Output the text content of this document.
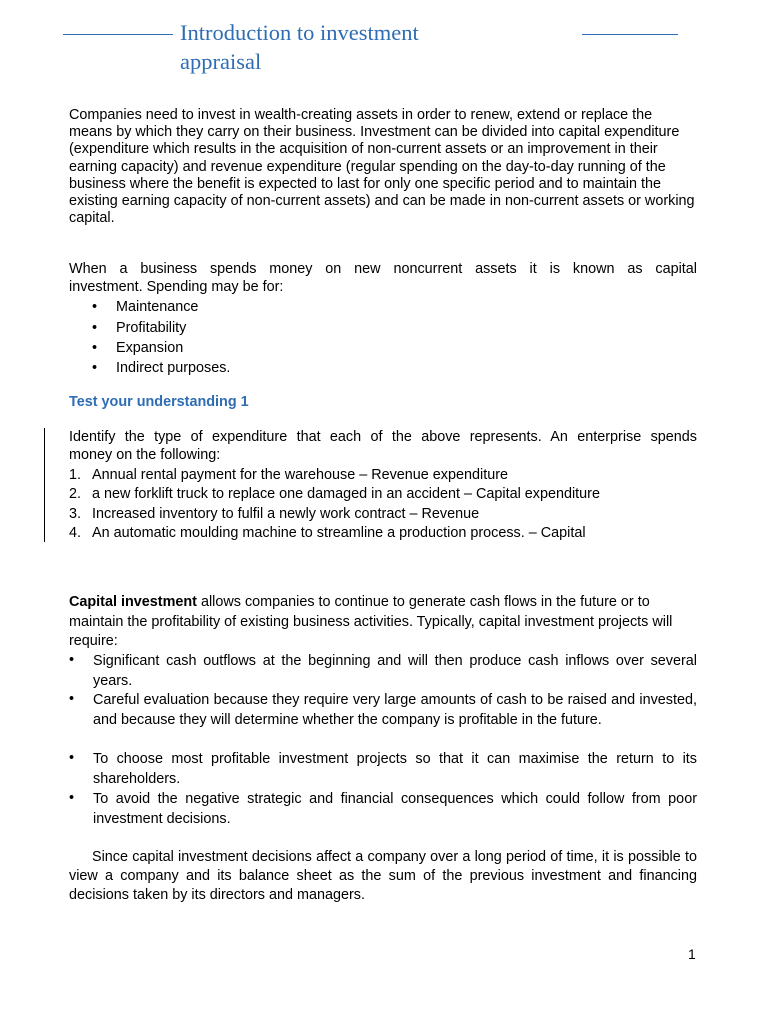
Introduction to investment
appraisal
Companies need to invest in wealth-creating assets in order to renew, extend or replace the means by which they carry on their business. Investment can be divided into capital expenditure (expenditure which results in the acquisition of non-current assets or an improvement in their earning capacity) and revenue expenditure (regular spending on the day-to-day running of the business where the benefit is expected to last for only one specific period and to maintain the existing earning capacity of non-current assets) and can be made in non-current assets or working capital.
When a business spends money on new noncurrent assets it is known as capital
investment. Spending may be for:
•	Maintenance
•	Profitability
•	Expansion
•	Indirect purposes.
Test your understanding 1
Identify the type of expenditure that each of the above represents. An enterprise spends
money on the following:
1. Annual rental payment for the warehouse – Revenue expenditure
2. a new forklift truck to replace one damaged in an accident – Capital expenditure
3. Increased inventory to fulfil a newly work contract – Revenue
4. An automatic moulding machine to streamline a production process. – Capital
Capital investment allows companies to continue to generate cash flows in the future or to maintain the profitability of existing business activities. Typically, capital investment projects will require:
•	Significant cash outflows at the beginning and will then produce cash inflows over several years.
•	Careful evaluation because they require very large amounts of cash to be raised and invested, and because they will determine whether the company is profitable in the future.
•	To choose most profitable investment projects so that it can maximise the return to its shareholders.
•	To avoid the negative strategic and financial consequences which could follow from poor investment decisions.
Since capital investment decisions affect a company over a long period of time, it is possible to view a company and its balance sheet as the sum of the previous investment and financing decisions taken by its directors and managers.
1
